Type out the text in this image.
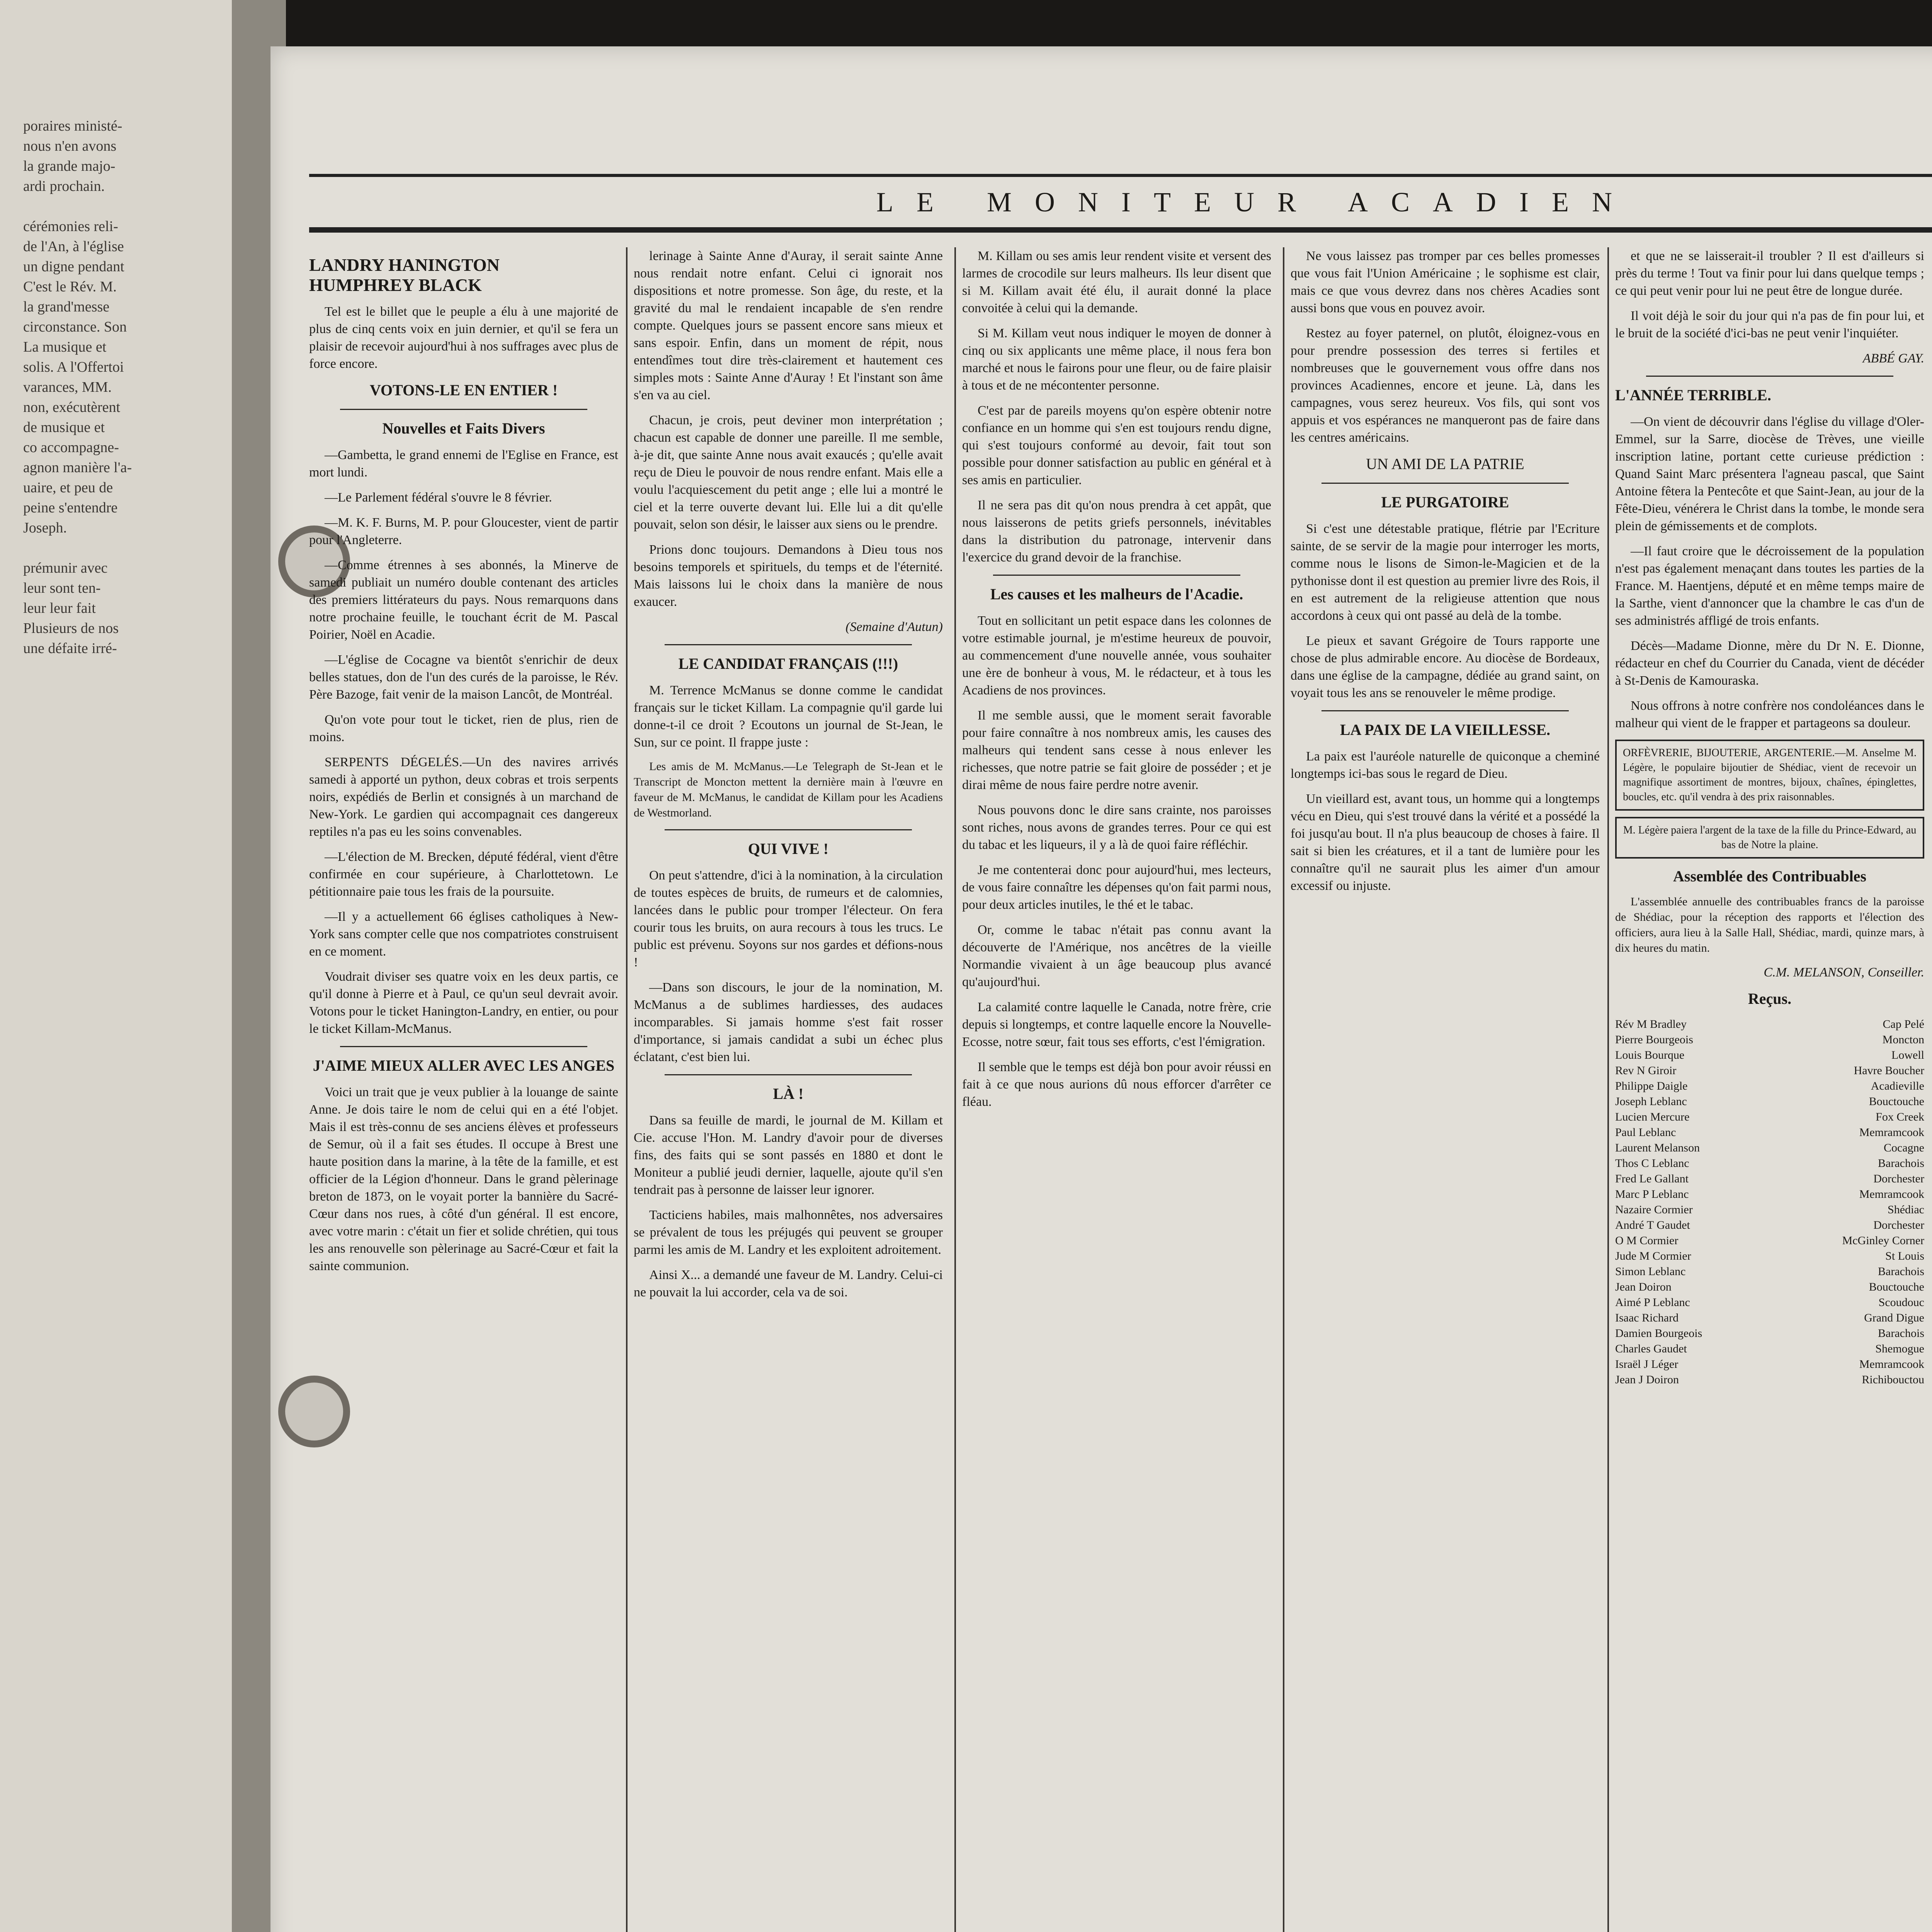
poraires ministé-
nous n'en avons
la grande majo-
ardi prochain.

cérémonies reli-
de l'An, à l'église
un digne pendant
C'est le Rév. M.
la grand'messe
circonstance. Son
La musique et
solis. A l'Offertoi
varances, MM.
non, exécutèrent
de musique et
co accompagne-
agnon manière l'a-
uaire, et peu de
peine s'entendre
Joseph.

prémunir avec
leur sont ten-
leur leur fait
Plusieurs de nos
une défaite irré-
LE MONITEUR ACADIEN
LANDRY HANINGTON
HUMPHREY BLACK

Tel est le billet que le peuple a élu à une majorité de plus de cinq cents voix en juin dernier, et qu'il se fera un plaisir de recevoir aujourd'hui à nos suffrages avec plus de force encore.

VOTONS-LE EN ENTIER !
Nouvelles et Faits Divers

—Gambetta, le grand ennemi de l'Eglise en France, est mort lundi.

—Le Parlement fédéral s'ouvre le 8 février.

—M. K. F. Burns, M. P. pour Gloucester, vient de partir pour l'Angleterre.

—Comme étrennes à ses abonnés, la Minerve de samedi publiait un numéro double contenant des articles des premiers littérateurs du pays. Nous remarquons dans notre prochaine feuille, le touchant écrit de M. Pascal Poirier, Noël en Acadie.

—L'église de Cocagne va bientôt s'enrichir de deux belles statues, don de l'un des curés de la paroisse, le Rév. Père Bazoge, fait venir de la maison Lancôt, de Montréal.

Qu'on vote pour tout le ticket, rien de plus, rien de moins.

SERPENTS DÉGELÉS.—Un des navires arrivés samedi à apporté un python, deux cobras et trois serpents noirs, expédiés de Berlin et consignés à un marchand de New-York. Le gardien qui accompagnait ces dangereux reptiles n'a pas eu les soins convenables.

—L'élection de M. Brecken, député fédéral, vient d'être confirmée en cour supérieure, à Charlottetown. Le pétitionnaire paie tous les frais de la poursuite.

—Il y a actuellement 66 églises catholiques à New-York sans compter celle que nos compatriotes construisent en ce moment.

Voudrait diviser ses quatre voix en les deux partis, ce qu'il donne à Pierre et à Paul, ce qu'un seul devrait avoir. Votons pour le ticket Hanington-Landry, en entier, ou pour le ticket Killam-McManus.

J'AIME MIEUX ALLER AVEC LES ANGES

Voici un trait que je veux publier à la louange de sainte Anne. Je dois taire le nom de celui qui en a été l'objet. Mais il est très-connu de ses anciens élèves et professeurs de Semur, où il a fait ses études. Il occupe à Brest une haute position dans la marine, à la tête de la famille, et est officier de la Légion d'honneur. Dans le grand pèlerinage breton de 1873, on le voyait porter la bannière du Sacré-Cœur dans nos rues, à côté d'un général. Il est encore, avec votre marin : c'était un fier et solide chrétien, qui tous les ans renouvelle son pèlerinage au Sacré-Cœur et fait la sainte communion.

lerinage à Sainte Anne d'Auray, il serait sainte Anne nous rendait notre enfant. Celui ci ignorait nos dispositions et notre promesse. Son âge, du reste, et la gravité du mal le rendaient incapable de s'en rendre compte. Quelques jours se passent encore sans mieux et sans espoir. Enfin, dans un moment de répit, nous entendîmes tout dire très-clairement et hautement ces simples mots : Sainte Anne d'Auray ! Et l'instant son âme s'en va au ciel.

Chacun, je crois, peut deviner mon interprétation ; chacun est capable de donner une pareille. Il me semble, à-je dit, que sainte Anne nous avait exaucés ; qu'elle avait reçu de Dieu le pouvoir de nous rendre enfant. Mais elle a voulu l'acquiescement du petit ange ; elle lui a montré le ciel et la terre ouverte devant lui. Elle lui a dit qu'elle pouvait, selon son désir, le laisser aux siens ou le prendre.

Prions donc toujours. Demandons à Dieu tous nos besoins temporels et spirituels, du temps et de l'éternité. Mais laissons lui le choix dans la manière de nous exaucer.

(Semaine d'Autun)
LE CANDIDAT FRANÇAIS (!!!)

M. Terrence McManus se donne comme le candidat français sur le ticket Killam. La compagnie qu'il garde lui donne-t-il ce droit ? Ecoutons un journal de St-Jean, le Sun, sur ce point. Il frappe juste :

Les amis de M. McManus.—Le Telegraph de St-Jean et le Transcript de Moncton mettent la dernière main à l'œuvre en faveur de M. McManus, le candidat de Killam pour les Acadiens de Westmorland.

QUI VIVE !

On peut s'attendre, d'ici à la nomination, à la circulation de toutes espèces de bruits, de rumeurs et de calomnies, lancées dans le public pour tromper l'électeur. On fera courir tous les bruits, on aura recours à tous les trucs. Le public est prévenu. Soyons sur nos gardes et défions-nous !

—Dans son discours, le jour de la nomination, M. McManus a de sublimes hardiesses, des audaces incomparables. Si jamais homme s'est fait rosser d'importance, si jamais candidat a subi un échec plus éclatant, c'est bien lui.

LÀ !

Dans sa feuille de mardi, le journal de M. Killam et Cie. accuse l'Hon. M. Landry d'avoir pour de diverses fins, des faits qui se sont passés en 1880 et dont le Moniteur a publié jeudi dernier, laquelle, ajoute qu'il s'en tendrait pas à personne de laisser leur ignorer.

Tacticiens habiles, mais malhonnêtes, nos adversaires se prévalent de tous les préjugés qui peuvent se grouper parmi les amis de M. Landry et les exploitent adroitement.

Ainsi X... a demandé une faveur de M. Landry. Celui-ci ne pouvait la lui accorder, cela va de soi.

M. Killam ou ses amis leur rendent visite et versent des larmes de crocodile sur leurs malheurs. Ils leur disent que si M. Killam avait été élu, il aurait donné la place convoitée à celui qui la demande.

Si M. Killam veut nous indiquer le moyen de donner à cinq ou six applicants une même place, il nous fera bon marché et nous le fairons pour une fleur, ou de faire plaisir à tous et de ne mécontenter personne.

C'est par de pareils moyens qu'on espère obtenir notre confiance en un homme qui s'en est toujours rendu digne, qui s'est toujours conformé au devoir, fait tout son possible pour donner satisfaction au public en général et à ses amis en particulier.

Il ne sera pas dit qu'on nous prendra à cet appât, que nous laisserons de petits griefs personnels, inévitables dans la distribution du patronage, intervenir dans l'exercice du grand devoir de la franchise.

Les causes et les malheurs de l'Acadie.

Tout en sollicitant un petit espace dans les colonnes de votre estimable journal, je m'estime heureux de pouvoir, au commencement d'une nouvelle année, vous souhaiter une ère de bonheur à vous, M. le rédacteur, et à tous les Acadiens de nos provinces.

Il me semble aussi, que le moment serait favorable pour faire connaître à nos nombreux amis, les causes des malheurs qui tendent sans cesse à nous enlever les richesses, que notre patrie se fait gloire de posséder ; et je dirai même de nous faire perdre notre avenir.

Nous pouvons donc le dire sans crainte, nos paroisses sont riches, nous avons de grandes terres. Pour ce qui est du tabac et les liqueurs, il y a là de quoi faire réfléchir.

Je me contenterai donc pour aujourd'hui, mes lecteurs, de vous faire connaître les dépenses qu'on fait parmi nous, pour deux articles inutiles, le thé et le tabac.

Or, comme le tabac n'était pas connu avant la découverte de l'Amérique, nos ancêtres de la vieille Normandie vivaient à un âge beaucoup plus avancé qu'aujourd'hui.

La calamité contre laquelle le Canada, notre frère, crie depuis si longtemps, et contre laquelle encore la Nouvelle-Ecosse, notre sœur, fait tous ses efforts, c'est l'émigration.

Il semble que le temps est déjà bon pour avoir réussi en fait à ce que nous aurions dû nous efforcer d'arrêter ce fléau.

Ne vous laissez pas tromper par ces belles promesses que vous fait l'Union Américaine ; le sophisme est clair, mais ce que vous devrez dans nos chères Acadies sont aussi bons que vous en pouvez avoir.

Restez au foyer paternel, on plutôt, éloignez-vous en pour prendre possession des terres si fertiles et nombreuses que le gouvernement vous offre dans nos provinces Acadiennes, encore et jeune. Là, dans les campagnes, vous serez heureux. Vos fils, qui sont vos appuis et vos espérances ne manqueront pas de faire dans les centres américains.

UN AMI DE LA PATRIE
LE PURGATOIRE

Si c'est une détestable pratique, flétrie par l'Ecriture sainte, de se servir de la magie pour interroger les morts, comme nous le lisons de Simon-le-Magicien et de la pythonisse dont il est question au premier livre des Rois, il en est autrement de la religieuse attention que nous accordons à ceux qui ont passé au delà de la tombe.

Le pieux et savant Grégoire de Tours rapporte une chose de plus admirable encore. Au diocèse de Bordeaux, dans une église de la campagne, dédiée au grand saint, on voyait tous les ans se renouveler le même prodige.

LA PAIX DE LA VIEILLESSE.

La paix est l'auréole naturelle de quiconque a cheminé longtemps ici-bas sous le regard de Dieu.

Un vieillard est, avant tous, un homme qui a longtemps vécu en Dieu, qui s'est trouvé dans la vérité et a possédé la foi jusqu'au bout. Il n'a plus beaucoup de choses à faire. Il sait si bien les créatures, et il a tant de lumière pour les connaître qu'il ne saurait plus les aimer d'un amour excessif ou injuste.

et que ne se laisserait-il troubler ? Il est d'ailleurs si près du terme ! Tout va finir pour lui dans quelque temps ; ce qui peut venir pour lui ne peut être de longue durée.

Il voit déjà le soir du jour qui n'a pas de fin pour lui, et le bruit de la société d'ici-bas ne peut venir l'inquiéter.

ABBÉ GAY.
L'ANNÉE TERRIBLE.

—On vient de découvrir dans l'église du village d'Oler-Emmel, sur la Sarre, diocèse de Trèves, une vieille inscription latine, portant cette curieuse prédiction : Quand Saint Marc présentera l'agneau pascal, que Saint Antoine fêtera la Pentecôte et que Saint-Jean, au jour de la Fête-Dieu, vénérera le Christ dans la tombe, le monde sera plein de gémissements et de complots.

—Il faut croire que le décroissement de la population n'est pas également menaçant dans toutes les parties de la France. M. Haentjens, député et en même temps maire de la Sarthe, vient d'annoncer que la chambre le cas d'un de ses administrés affligé de trois enfants.

Décès—Madame Dionne, mère du Dr N. E. Dionne, rédacteur en chef du Courrier du Canada, vient de décéder à St-Denis de Kamouraska.

Nous offrons à notre confrère nos condoléances dans le malheur qui vient de le frapper et partageons sa douleur.

ORFÈVRERIE, BIJOUTERIE, ARGENTERIE.—M. Anselme M. Légère, le populaire bijoutier de Shédiac, vient de recevoir un magnifique assortiment de montres, bijoux, chaînes, épinglettes, boucles, etc. qu'il vendra à des prix raisonnables.
M. Légère paiera l'argent de la taxe de la fille du Prince-Edward, au bas de Notre la plaine.
Assemblée des Contribuables

L'assemblée annuelle des contribuables francs de la paroisse de Shédiac, pour la réception des rapports et l'élection des officiers, aura lieu à la Salle Hall, Shédiac, mardi, quinze mars, à dix heures du matin.

C.M. MELANSON, Conseiller.
Reçus.
Rév M Bradley	Cap Pelé
Pierre Bourgeois	Moncton
Louis Bourque	Lowell
Rev N Giroir	Havre Boucher
Philippe Daigle	Acadieville
Joseph Leblanc	Bouctouche
Lucien Mercure	Fox Creek
Paul Leblanc	Memramcook
Laurent Melanson	Cocagne
Thos C Leblanc	Barachois
Fred Le Gallant	Dorchester
Marc P Leblanc	Memramcook
Nazaire Cormier	Shédiac
André T Gaudet	Dorchester
O M Cormier	McGinley Corner
Jude M Cormier	St Louis
Simon Leblanc	Barachois
Jean Doiron	Bouctouche
Aimé P Leblanc	Scoudouc
Isaac Richard	Grand Digue
Damien Bourgeois	Barachois
Charles Gaudet	Shemogue
Israël J Léger	Memramcook
Jean J Doiron	Richibouctou
